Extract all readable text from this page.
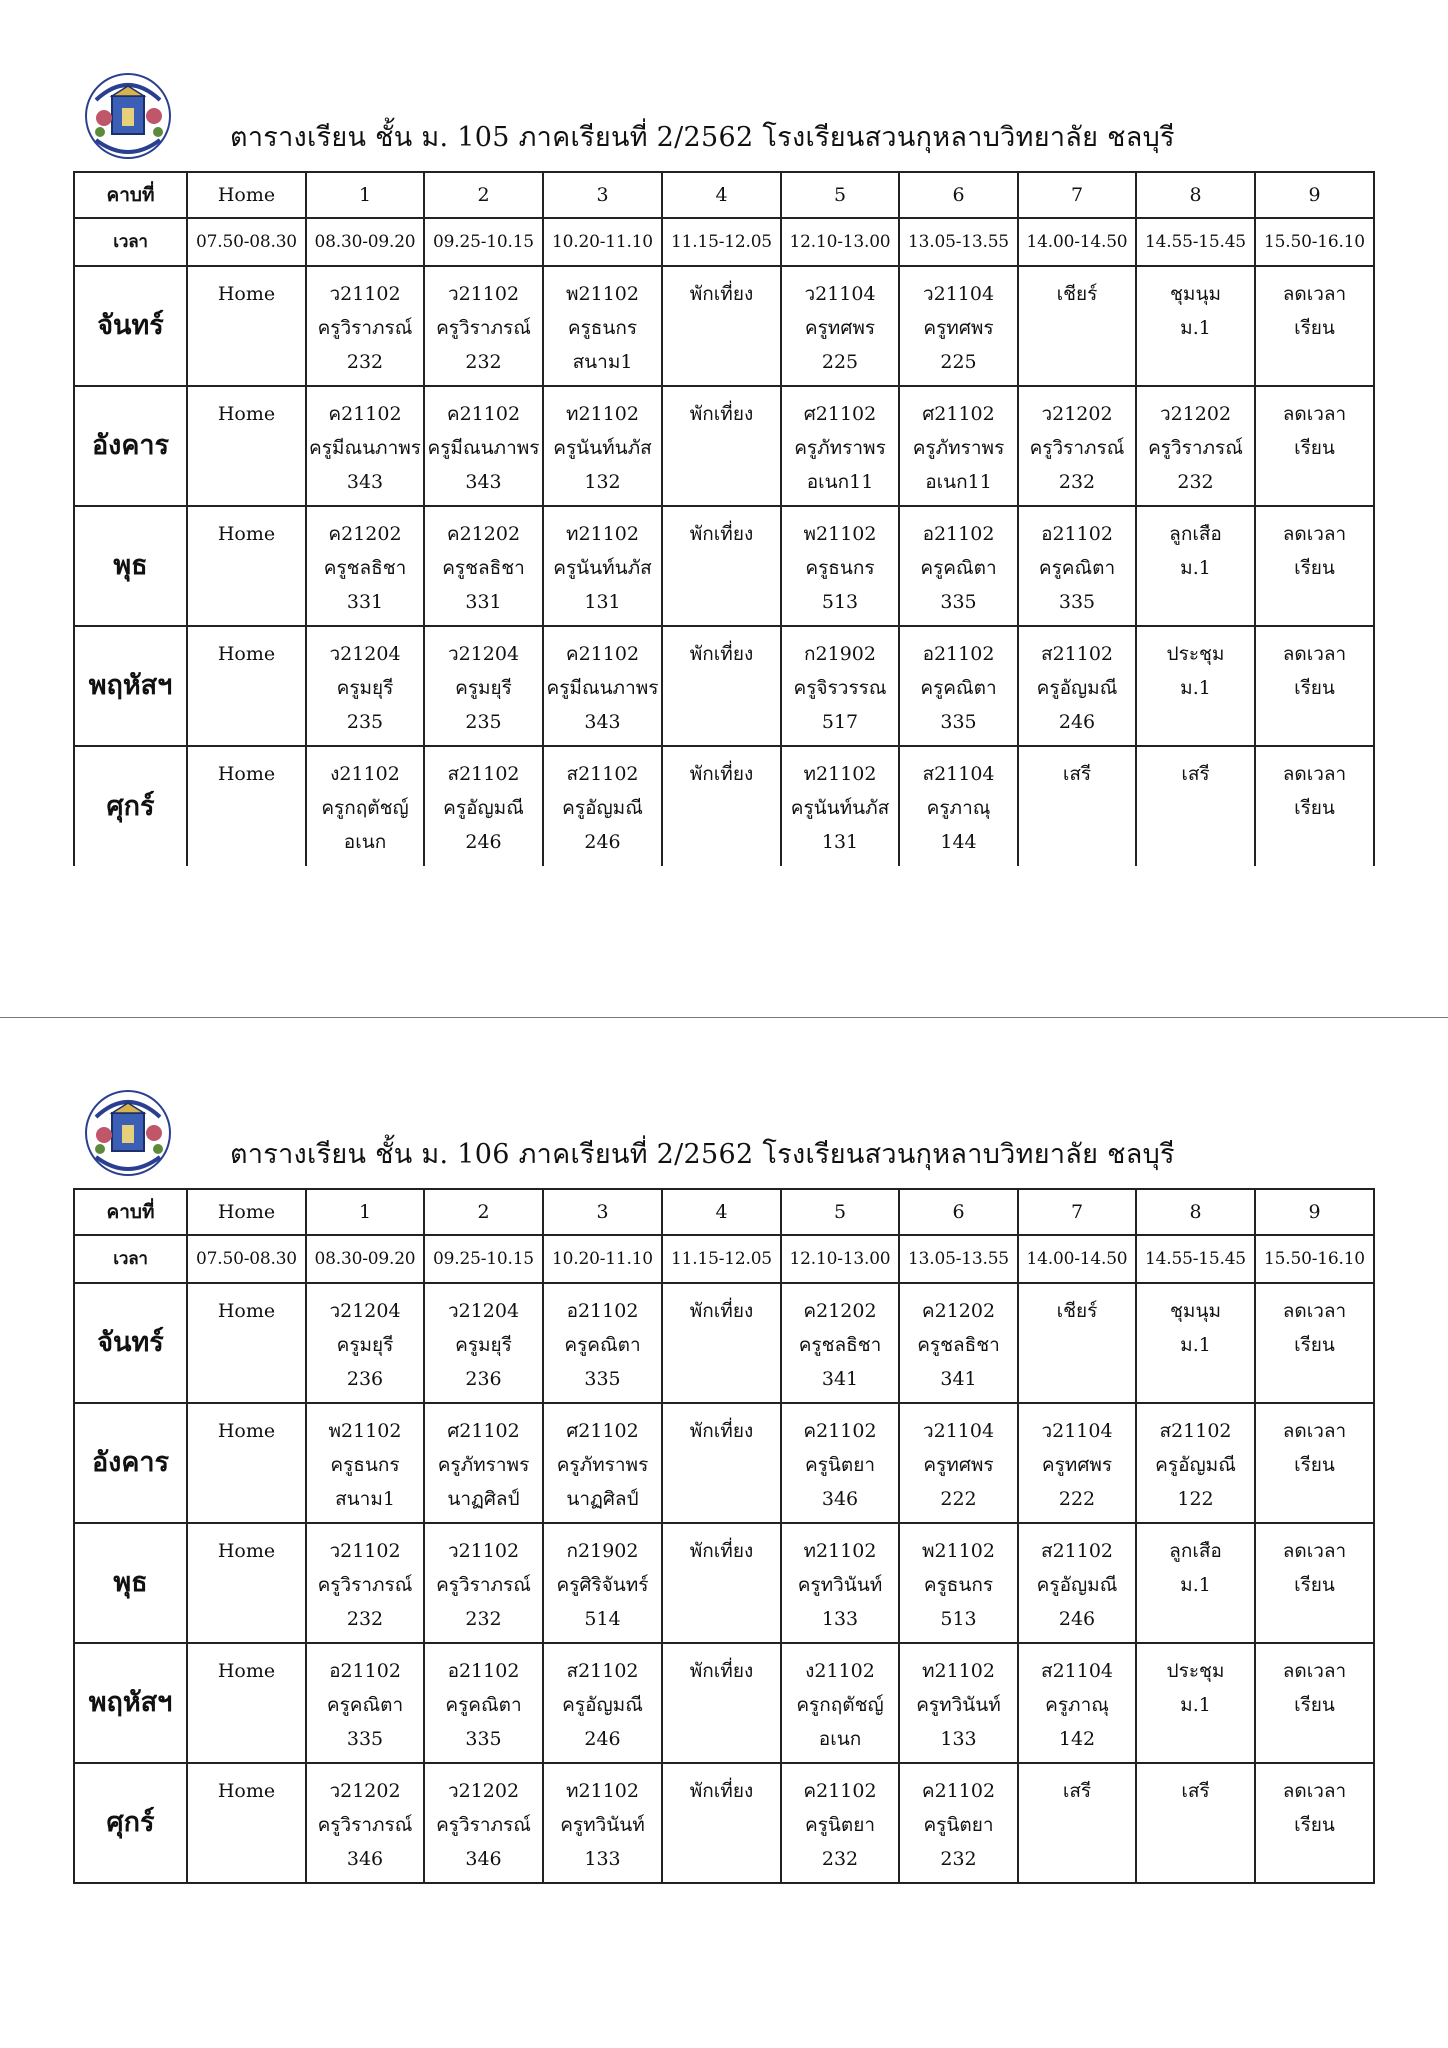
ตารางเรียน ชั้น ม. 105 ภาคเรียนที่ 2/2562 โรงเรียนสวนกุหลาบวิทยาลัย ชลบุรี
คาบที่	Home	1	2	3	4	5	6	7	8	9
เวลา	07.50-08.30	08.30-09.20	09.25-10.15	10.20-11.10	11.15-12.05	12.10-13.00	13.05-13.55	14.00-14.50	14.55-15.45	15.50-16.10
จันทร์	Home	ว21102
ครูวิราภรณ์
232	ว21102
ครูวิราภรณ์
232	พ21102
ครูธนกร
สนาม1	พักเที่ยง	ว21104
ครูทศพร
225	ว21104
ครูทศพร
225	เชียร์	ชุมนุม
ม.1	ลดเวลา
เรียน

อังคาร	Home	ค21102
ครูมีณนภาพร
343	ค21102
ครูมีณนภาพร
343	ท21102
ครูนันท์นภัส
132	พักเที่ยง	ศ21102
ครูภัทราพร
อเนก11	ศ21102
ครูภัทราพร
อเนก11	ว21202
ครูวิราภรณ์
232	ว21202
ครูวิราภรณ์
232	ลดเวลา
เรียน

พุธ	Home	ค21202
ครูชลธิชา
331	ค21202
ครูชลธิชา
331	ท21102
ครูนันท์นภัส
131	พักเที่ยง	พ21102
ครูธนกร
513	อ21102
ครูคณิตา
335	อ21102
ครูคณิตา
335	ลูกเสือ
ม.1	ลดเวลา
เรียน

พฤหัสฯ	Home	ว21204
ครูมยุรี
235	ว21204
ครูมยุรี
235	ค21102
ครูมีณนภาพร
343	พักเที่ยง	ก21902
ครูจิรวรรณ
517	อ21102
ครูคณิตา
335	ส21102
ครูอัญมณี
246	ประชุม
ม.1	ลดเวลา
เรียน

ศุกร์	Home	ง21102
ครูกฤตัชญ์
อเนก	ส21102
ครูอัญมณี
246	ส21102
ครูอัญมณี
246	พักเที่ยง	ท21102
ครูนันท์นภัส
131	ส21104
ครูภาณุ
144	เสรี	เสรี	ลดเวลา
เรียน
ตารางเรียน ชั้น ม. 106 ภาคเรียนที่ 2/2562 โรงเรียนสวนกุหลาบวิทยาลัย ชลบุรี
คาบที่	Home	1	2	3	4	5	6	7	8	9
เวลา	07.50-08.30	08.30-09.20	09.25-10.15	10.20-11.10	11.15-12.05	12.10-13.00	13.05-13.55	14.00-14.50	14.55-15.45	15.50-16.10
จันทร์	Home	ว21204
ครูมยุรี
236	ว21204
ครูมยุรี
236	อ21102
ครูคณิตา
335	พักเที่ยง	ค21202
ครูชลธิชา
341	ค21202
ครูชลธิชา
341	เชียร์	ชุมนุม
ม.1	ลดเวลา
เรียน

อังคาร	Home	พ21102
ครูธนกร
สนาม1	ศ21102
ครูภัทราพร
นาฏศิลป์	ศ21102
ครูภัทราพร
นาฏศิลป์	พักเที่ยง	ค21102
ครูนิตยา
346	ว21104
ครูทศพร
222	ว21104
ครูทศพร
222	ส21102
ครูอัญมณี
122	ลดเวลา
เรียน

พุธ	Home	ว21102
ครูวิราภรณ์
232	ว21102
ครูวิราภรณ์
232	ก21902
ครูศิริจันทร์
514	พักเที่ยง	ท21102
ครูทวินันท์
133	พ21102
ครูธนกร
513	ส21102
ครูอัญมณี
246	ลูกเสือ
ม.1	ลดเวลา
เรียน

พฤหัสฯ	Home	อ21102
ครูคณิตา
335	อ21102
ครูคณิตา
335	ส21102
ครูอัญมณี
246	พักเที่ยง	ง21102
ครูกฤตัชญ์
อเนก	ท21102
ครูทวินันท์
133	ส21104
ครูภาณุ
142	ประชุม
ม.1	ลดเวลา
เรียน

ศุกร์	Home	ว21202
ครูวิราภรณ์
346	ว21202
ครูวิราภรณ์
346	ท21102
ครูทวินันท์
133	พักเที่ยง	ค21102
ครูนิตยา
232	ค21102
ครูนิตยา
232	เสรี	เสรี	ลดเวลา
เรียน
